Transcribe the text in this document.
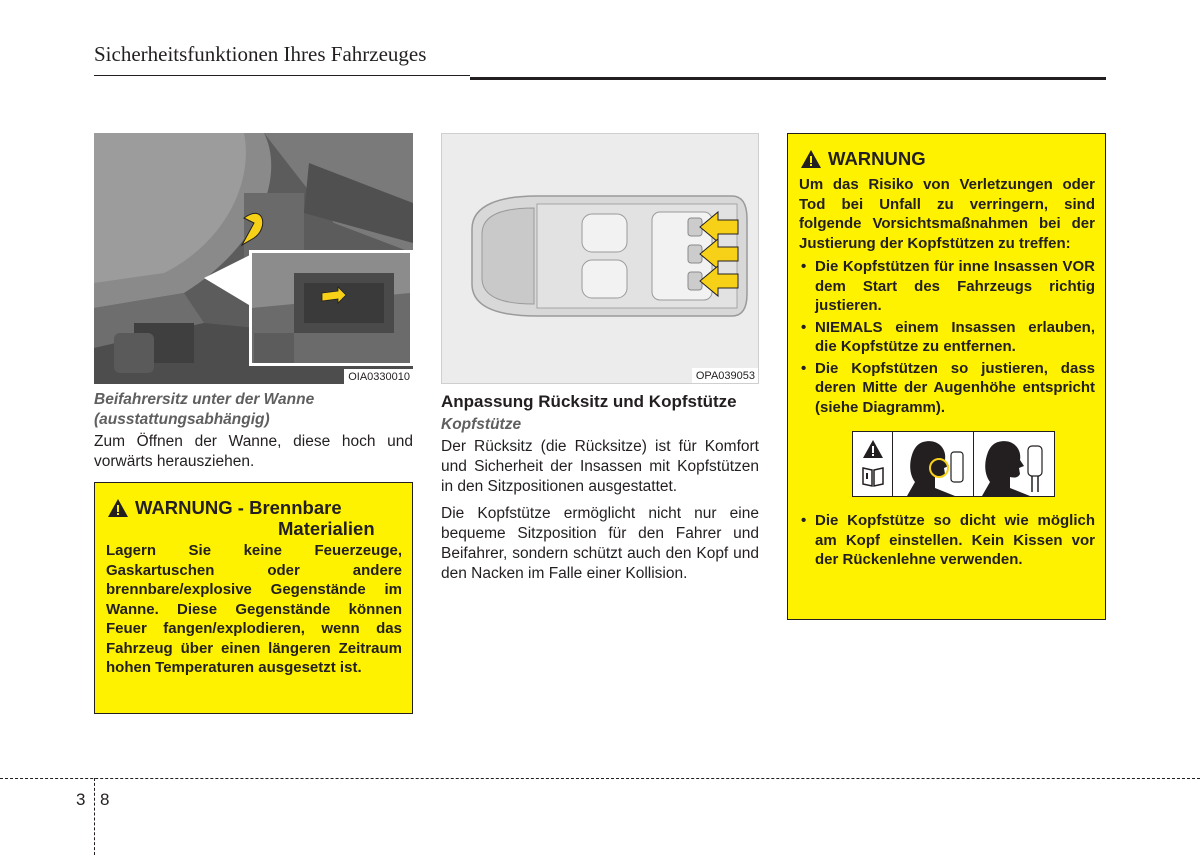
Sicherheitsfunktionen Ihres Fahrzeuges
OIA0330010
Beifahrersitz unter der Wanne (ausstattungsabhängig)
Zum Öffnen der Wanne, diese hoch und vorwärts herausziehen.
WARNUNG - Brennbare
Materialien
Lagern Sie keine Feuerzeuge, Gaskartuschen oder andere brennbare/explosive Gegenstände im Wanne. Diese Gegenstände können Feuer fangen/explodieren, wenn das Fahrzeug über einen längeren Zeitraum hohen Temperaturen ausgesetzt ist.
OPA039053
Anpassung Rücksitz und Kopfstütze
Kopfstütze
Der Rücksitz (die Rücksitze) ist für Komfort und Sicherheit der Insassen mit Kopfstützen in den Sitzpositionen ausgestattet.
Die Kopfstütze ermöglicht nicht nur eine bequeme Sitzposition für den Fahrer und Beifahrer, sondern schützt auch den Kopf und den Nacken im Falle einer Kollision.
WARNUNG
Um das Risiko von Verletzungen oder Tod bei Unfall zu verringern, sind folgende Vorsichtsmaßnahmen bei der Justierung der Kopfstützen zu treffen:
• Die Kopfstützen für inne Insassen VOR dem Start des Fahrzeugs richtig justieren.
• NIEMALS einem Insassen erlauben, die Kopfstütze zu entfernen.
• Die Kopfstützen so justieren, dass deren Mitte der Augenhöhe entspricht (siehe Diagramm).
• Die Kopfstütze so dicht wie möglich am Kopf einstellen. Kein Kissen vor der Rückenlehne verwenden.
3 8
